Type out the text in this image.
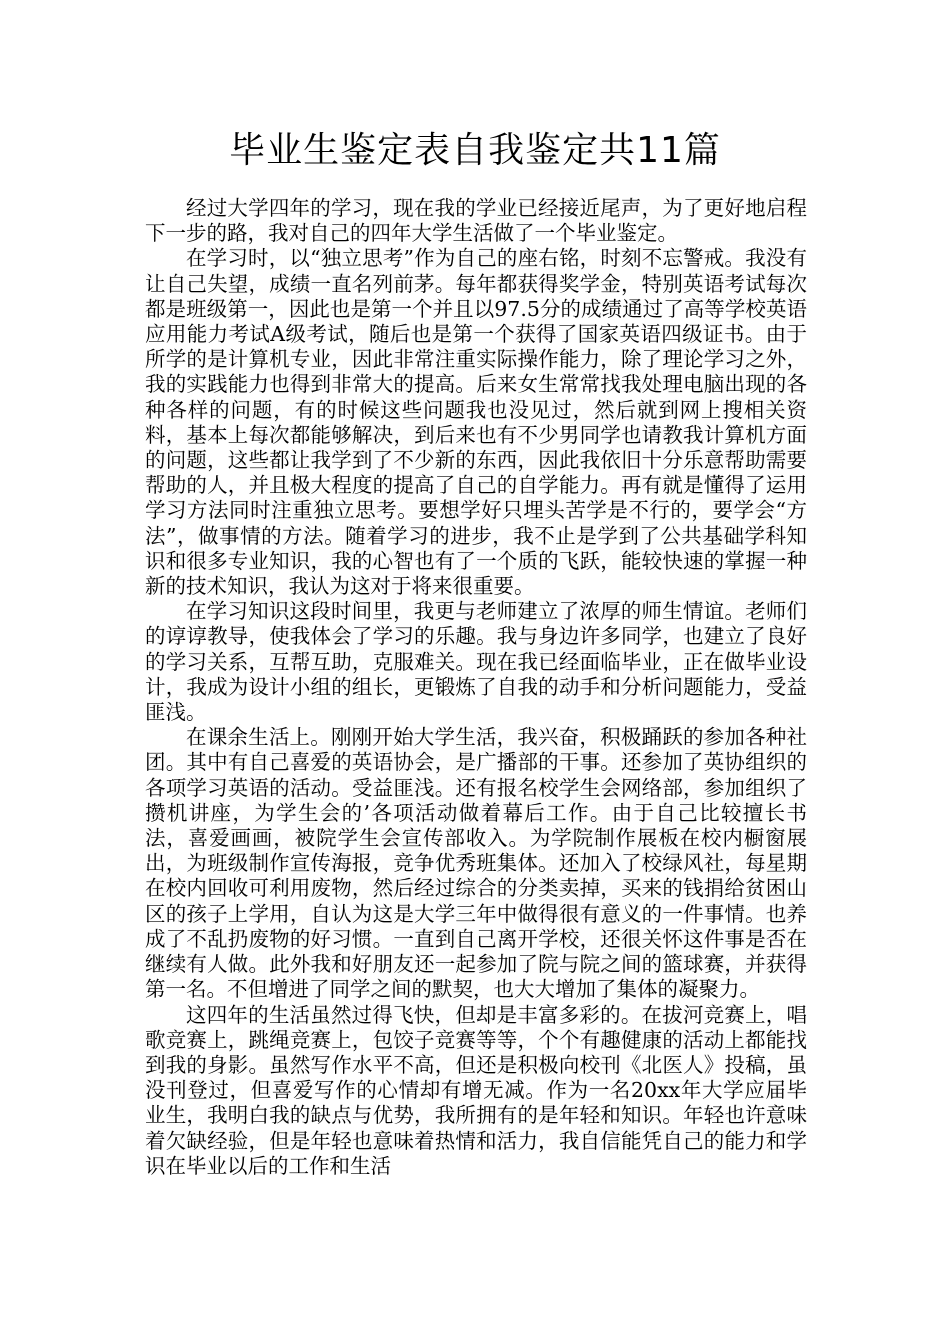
毕业生鉴定表自我鉴定共11篇

经过大学四年的学习，现在我的学业已经接近尾声，为了更好地启程下一步的路，我对自己的四年大学生活做了一个毕业鉴定。

在学习时，以“独立思考”作为自己的座右铭，时刻不忘警戒。我没有让自己失望，成绩一直名列前茅。每年都获得奖学金，特别英语考试每次都是班级第一，因此也是第一个并且以97.5分的成绩通过了高等学校英语应用能力考试A级考试，随后也是第一个获得了国家英语四级证书。由于所学的是计算机专业，因此非常注重实际操作能力，除了理论学习之外，我的实践能力也得到非常大的提高。后来女生常常找我处理电脑出现的各种各样的问题，有的时候这些问题我也没见过，然后就到网上搜相关资料，基本上每次都能够解决，到后来也有不少男同学也请教我计算机方面的问题，这些都让我学到了不少新的东西，因此我依旧十分乐意帮助需要帮助的人，并且极大程度的提高了自己的自学能力。再有就是懂得了运用学习方法同时注重独立思考。要想学好只埋头苦学是不行的，要学会“方法”，做事情的方法。随着学习的进步，我不止是学到了公共基础学科知识和很多专业知识，我的心智也有了一个质的飞跃，能较快速的掌握一种新的技术知识，我认为这对于将来很重要。

在学习知识这段时间里，我更与老师建立了浓厚的师生情谊。老师们的谆谆教导，使我体会了学习的乐趣。我与身边许多同学，也建立了良好的学习关系，互帮互助，克服难关。现在我已经面临毕业，正在做毕业设计，我成为设计小组的组长，更锻炼了自我的动手和分析问题能力，受益匪浅。

在课余生活上。刚刚开始大学生活，我兴奋，积极踊跃的参加各种社团。其中有自己喜爱的英语协会，是广播部的干事。还参加了英协组织的各项学习英语的活动。受益匪浅。还有报名校学生会网络部，参加组织了攒机讲座，为学生会的’各项活动做着幕后工作。由于自己比较擅长书法，喜爱画画，被院学生会宣传部收入。为学院制作展板在校内橱窗展出，为班级制作宣传海报，竞争优秀班集体。还加入了校绿风社，每星期在校内回收可利用废物，然后经过综合的分类卖掉，买来的钱捐给贫困山区的孩子上学用，自认为这是大学三年中做得很有意义的一件事情。也养成了不乱扔废物的好习惯。一直到自己离开学校，还很关怀这件事是否在继续有人做。此外我和好朋友还一起参加了院与院之间的篮球赛，并获得第一名。不但增进了同学之间的默契，也大大增加了集体的凝聚力。

这四年的生活虽然过得飞快，但却是丰富多彩的。在拔河竞赛上，唱歌竞赛上，跳绳竞赛上，包饺子竞赛等等，个个有趣健康的活动上都能找到我的身影。虽然写作水平不高，但还是积极向校刊《北医人》投稿，虽没刊登过，但喜爱写作的心情却有增无减。作为一名20xx年大学应届毕业生，我明白我的缺点与优势，我所拥有的是年轻和知识。年轻也许意味着欠缺经验，但是年轻也意味着热情和活力，我自信能凭自己的能力和学识在毕业以后的工作和生活
